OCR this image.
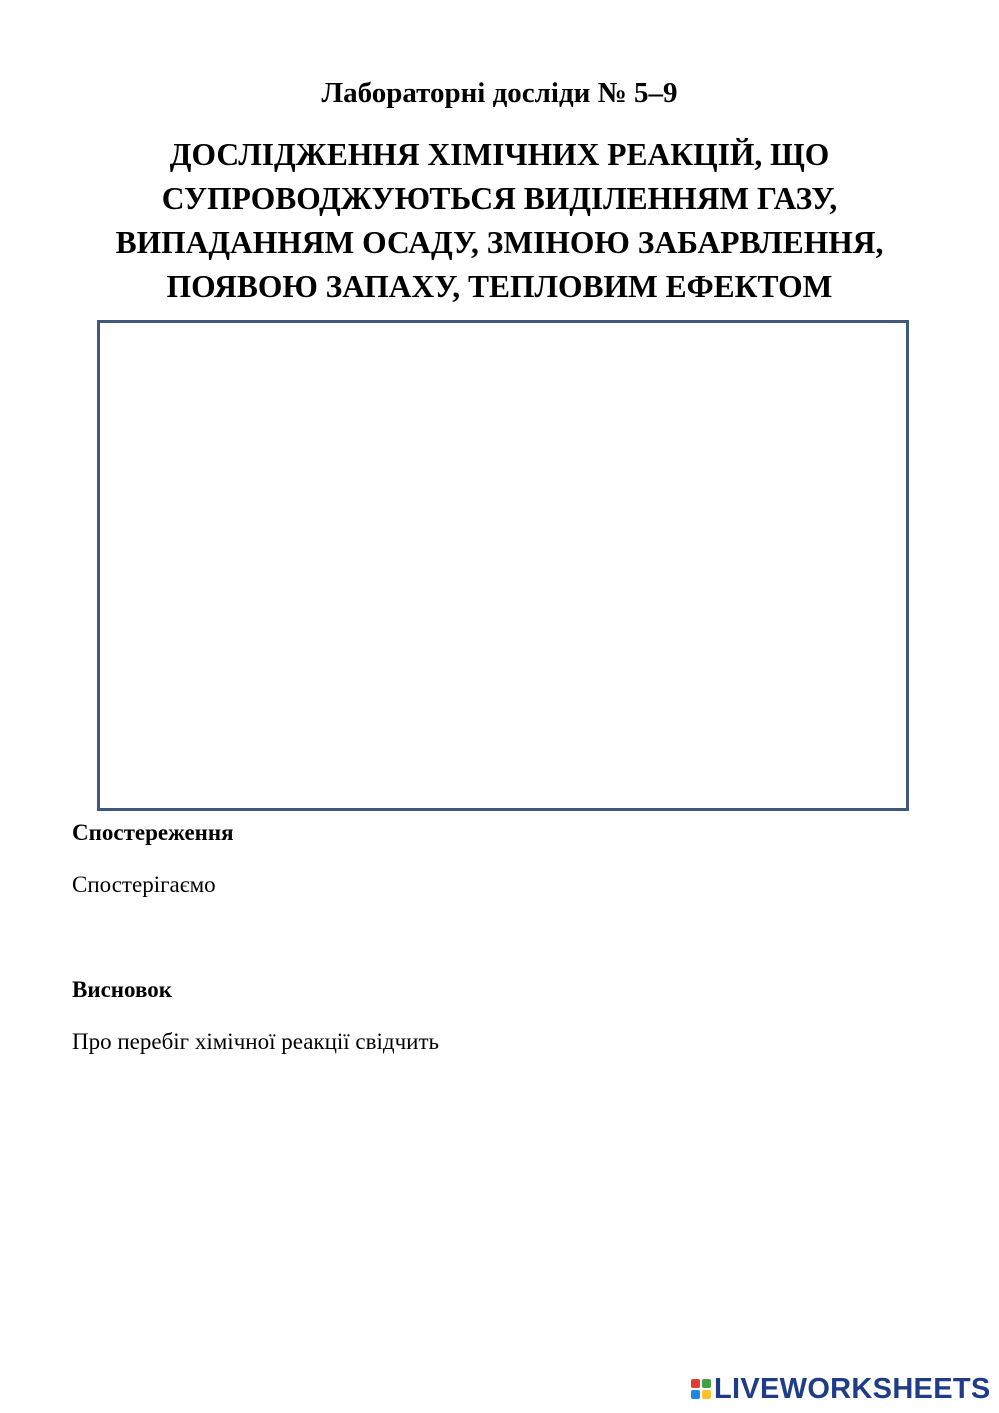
Лабораторні досліди № 5–9
ДОСЛІДЖЕННЯ ХІМІЧНИХ РЕАКЦІЙ, ЩО
СУПРОВОДЖУЮТЬСЯ ВИДІЛЕННЯМ ГАЗУ,
ВИПАДАННЯМ ОСАДУ, ЗМІНОЮ ЗАБАРВЛЕННЯ,
ПОЯВОЮ ЗАПАХУ, ТЕПЛОВИМ ЕФЕКТОМ
Спостереження

Спостерігаємо

Висновок

Про перебіг хімічної реакції свідчить

LIVEWORKSHEETS
